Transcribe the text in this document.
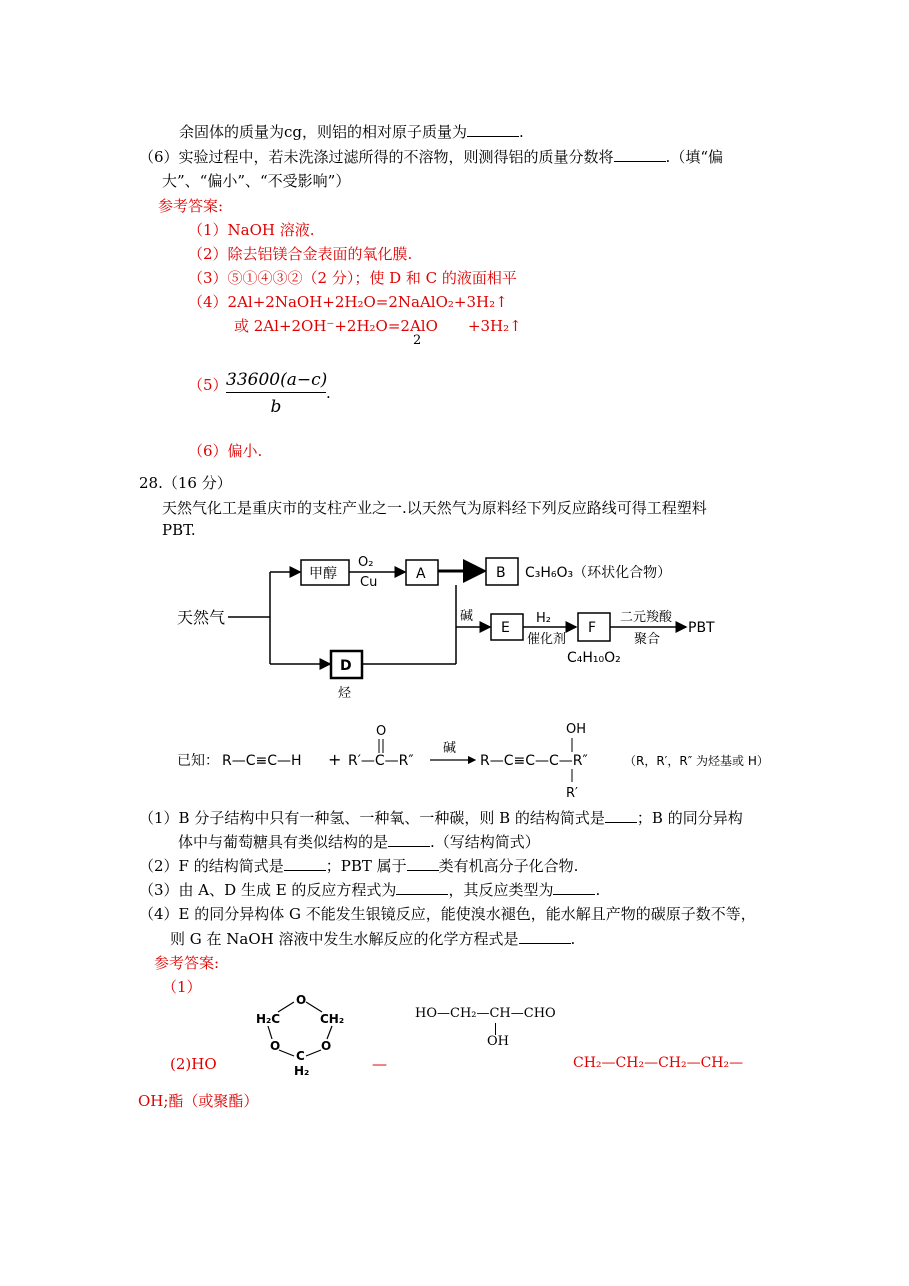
余固体的质量为cg，则铝的相对原子质量为	.
（6）实验过程中，若未洗涤过滤所得的不溶物，则测得铝的质量分数将	.（填“偏
大”、“偏小”、“不受影响”）
参考答案:
（1）NaOH 溶液.
（2）除去铝镁合金表面的氧化膜.
（3）⑤①④③②（2 分）；使 D 和 C 的液面相平
（4）2Al+2NaOH+2H₂O=2NaAlO₂+3H₂↑
或 2Al+2OH⁻+2H₂O=2AlO +3H₂↑
2
（5）
$\frac{33600(a-c)}{b}$ .
（6）偏小.
28.（16 分）
天然气化工是重庆市的支柱产业之一.以天然气为原料经下列反应路线可得工程塑料
PBT.
天然气
甲醇
O₂
Cu
A	B C₃H₆O₃（环状化合物）
D
烃
碱
E
H₂
催化剂
F
C₄H₁₀O₂
二元羧酸
聚合
PBT
已知： R—C≡C—H +
O
R′—C—R″
碱
R—C≡C—C—R″
OH
R′
（R，R′，R″ 为烃基或 H）
（1）B 分子结构中只有一种氢、一种氧、一种碳，则 B 的结构简式是 ；B 的同分异构
体中与葡萄糖具有类似结构的是	.（写结构简式）
（2）F 的结构简式是	；PBT 属于 类有机高分子化合物.
（3）由 A、D 生成 E 的反应方程式为	，其反应类型为	.
（4）E 的同分异构体 G 不能发生银镜反应，能使溴水褪色，能水解且产物的碳原子数不等，
则 G 在 NaOH 溶液中发生水解反应的化学方程式是	.
参考答案:
（1）
O
H₂C	CH₂
O	O
C
H₂
HO—CH₂—CH—CHO
OH
(2)HO	—	CH₂—CH₂—CH₂—CH₂—
OH;酯（或聚酯）
